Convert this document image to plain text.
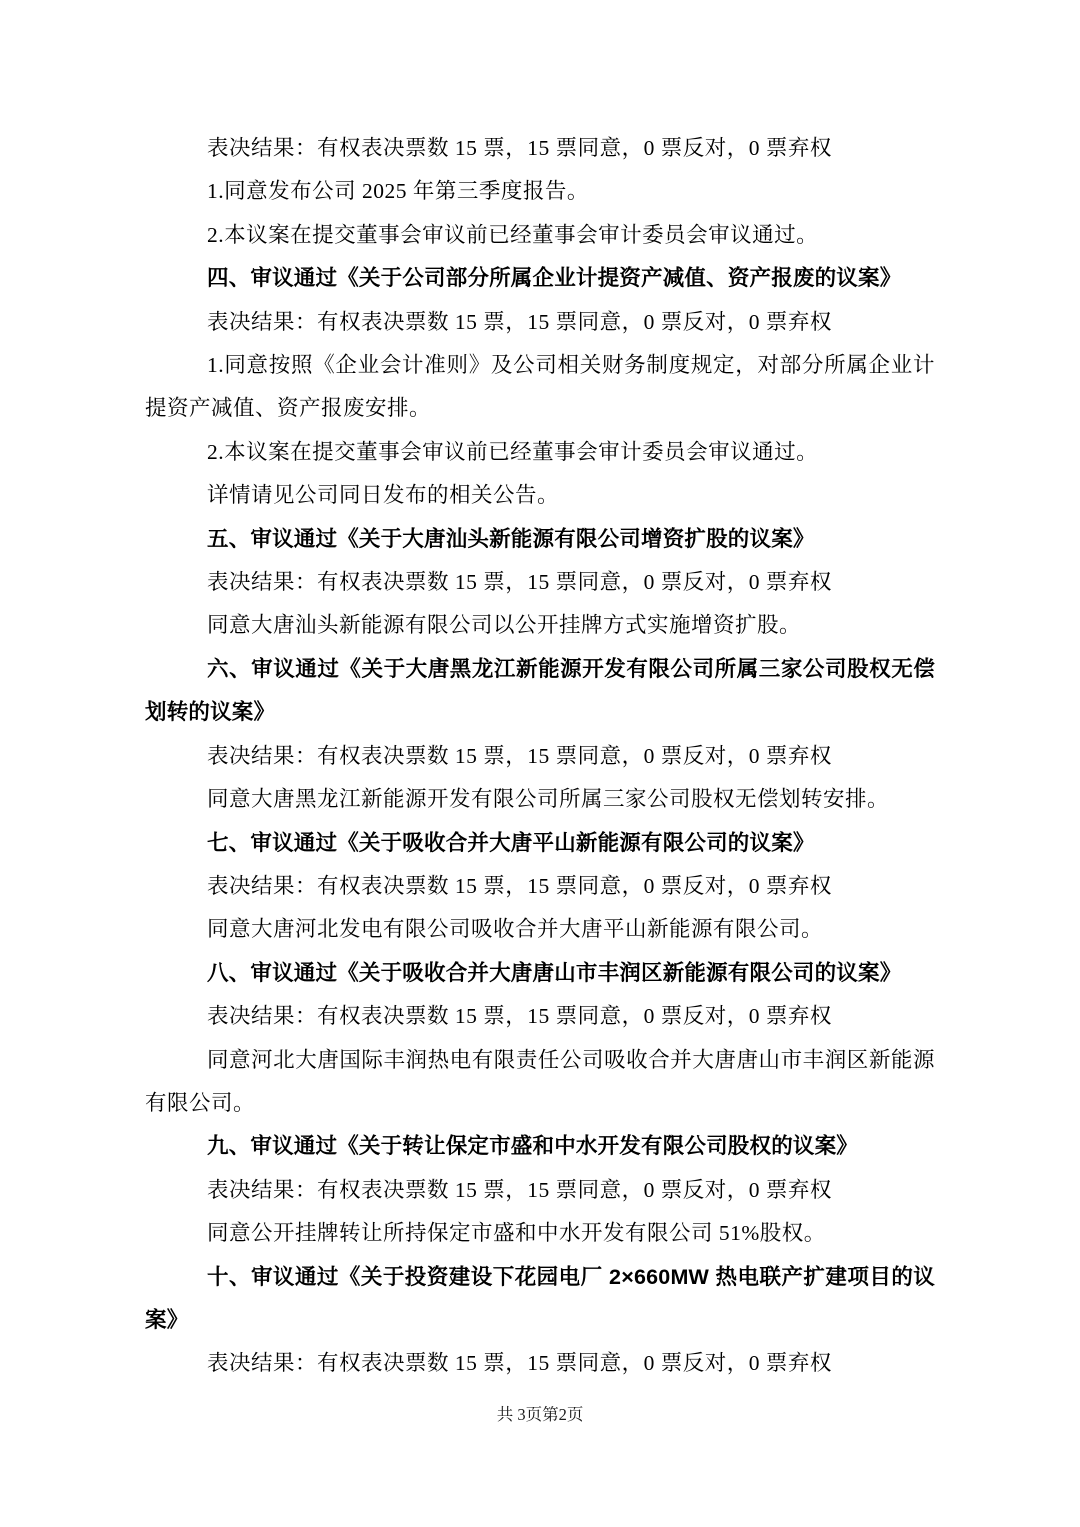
表决结果：有权表决票数 15 票，15 票同意，0 票反对，0 票弃权

1.同意发布公司 2025 年第三季度报告。

2.本议案在提交董事会审议前已经董事会审计委员会审议通过。

四、审议通过《关于公司部分所属企业计提资产减值、资产报废的议案》

表决结果：有权表决票数 15 票，15 票同意，0 票反对，0 票弃权

1.同意按照《企业会计准则》及公司相关财务制度规定，对部分所属企业计提资产减值、资产报废安排。

2.本议案在提交董事会审议前已经董事会审计委员会审议通过。

详情请见公司同日发布的相关公告。

五、审议通过《关于大唐汕头新能源有限公司增资扩股的议案》

表决结果：有权表决票数 15 票，15 票同意，0 票反对，0 票弃权

同意大唐汕头新能源有限公司以公开挂牌方式实施增资扩股。

六、审议通过《关于大唐黑龙江新能源开发有限公司所属三家公司股权无偿划转的议案》

表决结果：有权表决票数 15 票，15 票同意，0 票反对，0 票弃权

同意大唐黑龙江新能源开发有限公司所属三家公司股权无偿划转安排。

七、审议通过《关于吸收合并大唐平山新能源有限公司的议案》

表决结果：有权表决票数 15 票，15 票同意，0 票反对，0 票弃权

同意大唐河北发电有限公司吸收合并大唐平山新能源有限公司。

八、审议通过《关于吸收合并大唐唐山市丰润区新能源有限公司的议案》

表决结果：有权表决票数 15 票，15 票同意，0 票反对，0 票弃权

同意河北大唐国际丰润热电有限责任公司吸收合并大唐唐山市丰润区新能源有限公司。

九、审议通过《关于转让保定市盛和中水开发有限公司股权的议案》

表决结果：有权表决票数 15 票，15 票同意，0 票反对，0 票弃权

同意公开挂牌转让所持保定市盛和中水开发有限公司 51%股权。

十、审议通过《关于投资建设下花园电厂 2×660MW 热电联产扩建项目的议案》

表决结果：有权表决票数 15 票，15 票同意，0 票反对，0 票弃权

共 3页第2页
